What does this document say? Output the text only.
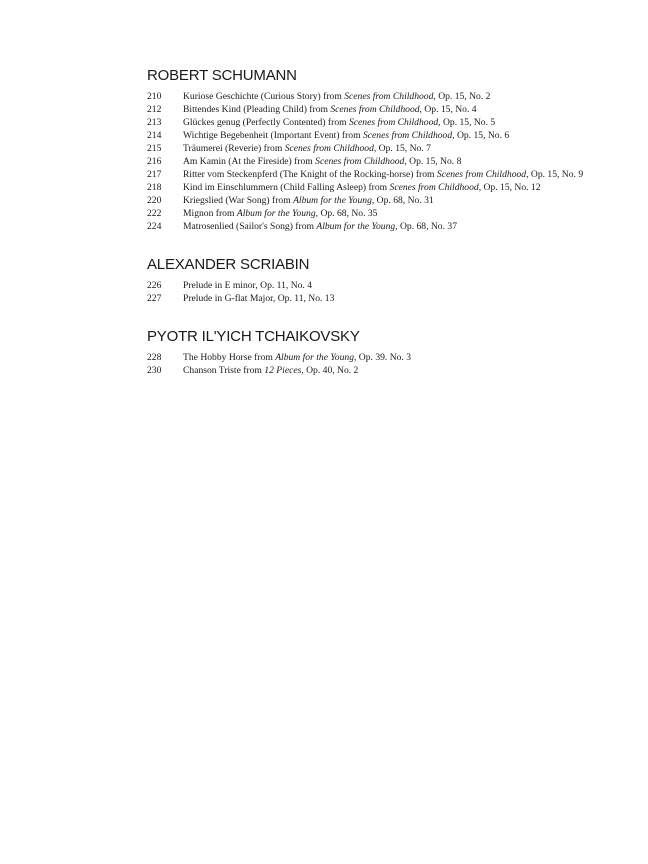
ROBERT SCHUMANN
210	Kuriose Geschichte (Curious Story) from Scenes from Childhood, Op. 15, No. 2
212	Bittendes Kind (Pleading Child) from Scenes from Childhood, Op. 15, No. 4
213	Glückes genug (Perfectly Contented) from Scenes from Childhood, Op. 15, No. 5
214	Wichtige Begebenheit (Important Event) from Scenes from Childhood, Op. 15, No. 6
215	Träumerei (Reverie) from Scenes from Childhood, Op. 15, No. 7
216	Am Kamin (At the Fireside) from Scenes from Childhood, Op. 15, No. 8
217	Ritter vom Steckenpferd (The Knight of the Rocking-horse) from Scenes from Childhood, Op. 15, No. 9
218	Kind im Einschlummern (Child Falling Asleep) from Scenes from Childhood, Op. 15, No. 12
220	Kriegslied (War Song) from Album for the Young, Op. 68, No. 31
222	Mignon from Album for the Young, Op. 68, No. 35
224	Matrosenlied (Sailor's Song) from Album for the Young, Op. 68, No. 37
ALEXANDER SCRIABIN
226	Prelude in E minor, Op. 11, No. 4
227	Prelude in G-flat Major, Op. 11, No. 13
PYOTR IL'YICH TCHAIKOVSKY
228	The Hobby Horse from Album for the Young, Op. 39. No. 3
230	Chanson Triste from 12 Pieces, Op. 40, No. 2
